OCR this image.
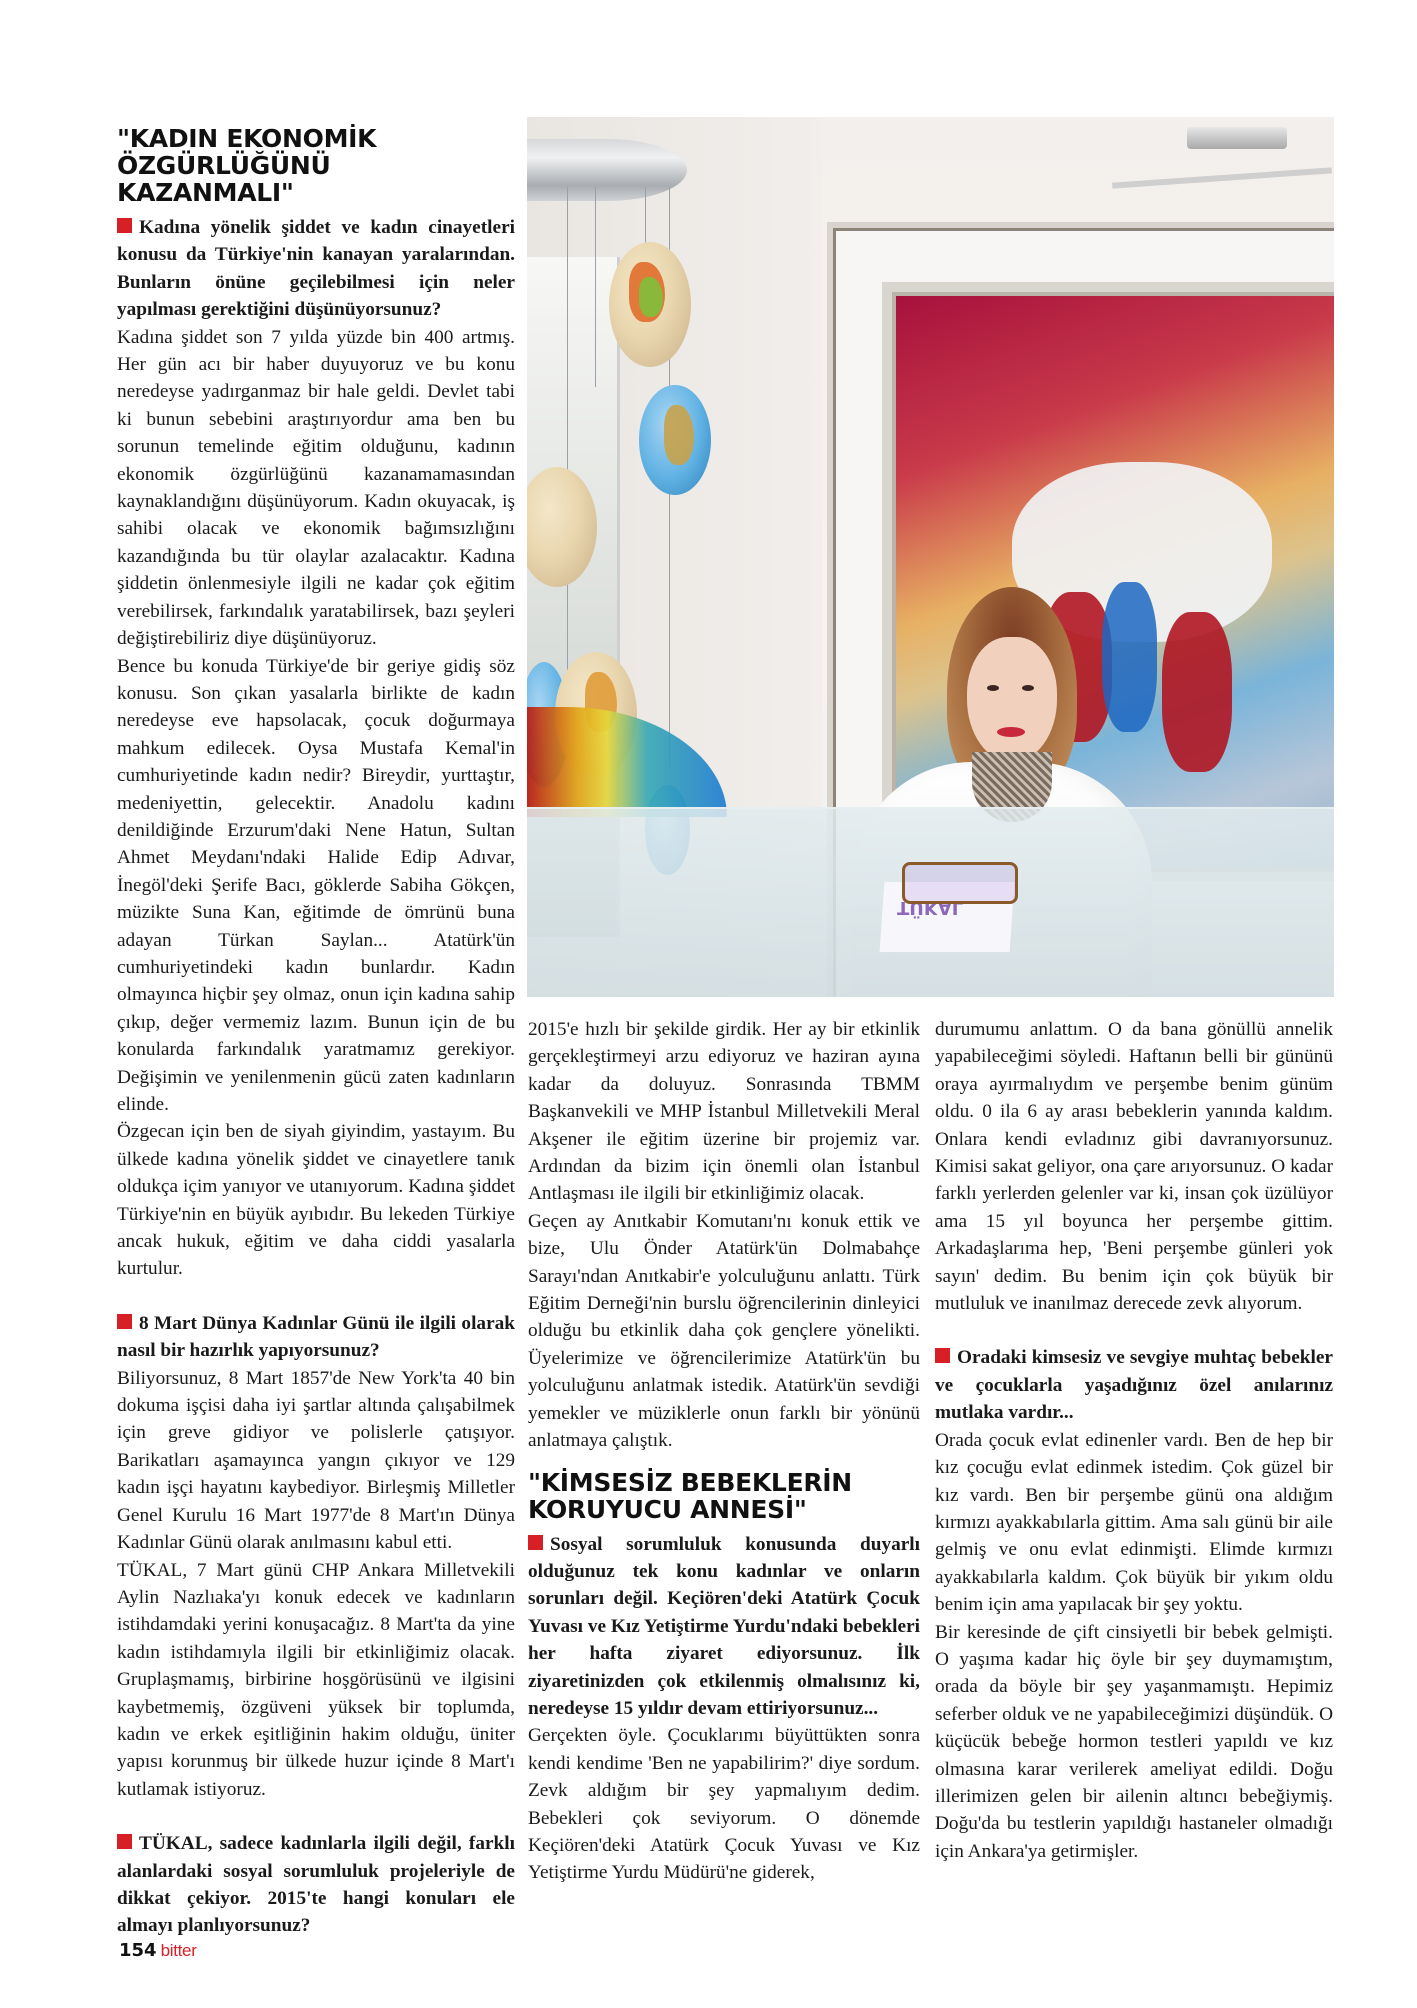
"KADIN EKONOMİK ÖZGÜRLÜĞÜNÜ KAZANMALI"

Kadına yönelik şiddet ve kadın cinayetleri konusu da Türkiye'nin kanayan yaralarından. Bunların önüne geçilebilmesi için neler yapılması gerektiğini düşünüyorsunuz?

Kadına şiddet son 7 yılda yüzde bin 400 artmış. Her gün acı bir haber duyuyoruz ve bu konu neredeyse yadırganmaz bir hale geldi. Devlet tabi ki bunun sebebini araştırıyordur ama ben bu sorunun temelinde eğitim olduğunu, kadının ekonomik özgürlüğünü kazanamamasından kaynaklandığını düşünüyorum. Kadın okuyacak, iş sahibi olacak ve ekonomik bağımsızlığını kazandığında bu tür olaylar azalacaktır. Kadına şiddetin önlenmesiyle ilgili ne kadar çok eğitim verebilirsek, farkındalık yaratabilirsek, bazı şeyleri değiştirebiliriz diye düşünüyoruz.

Bence bu konuda Türkiye'de bir geriye gidiş söz konusu. Son çıkan yasalarla birlikte de kadın neredeyse eve hapsolacak, çocuk doğurmaya mahkum edilecek. Oysa Mustafa Kemal'in cumhuriyetinde kadın nedir? Bireydir, yurttaştır, medeniyettin, gelecektir. Anadolu kadını denildiğinde Erzurum'daki Nene Hatun, Sultan Ahmet Meydanı'ndaki Halide Edip Adıvar, İnegöl'deki Şerife Bacı, göklerde Sabiha Gökçen, müzikte Suna Kan, eğitimde de ömrünü buna adayan Türkan Saylan... Atatürk'ün cumhuriyetindeki kadın bunlardır. Kadın olmayınca hiçbir şey olmaz, onun için kadına sahip çıkıp, değer vermemiz lazım. Bunun için de bu konularda farkındalık yaratmamız gerekiyor. Değişimin ve yenilenmenin gücü zaten kadınların elinde.

Özgecan için ben de siyah giyindim, yastayım. Bu ülkede kadına yönelik şiddet ve cinayetlere tanık oldukça içim yanıyor ve utanıyorum. Kadına şiddet Türkiye'nin en büyük ayıbıdır. Bu lekeden Türkiye ancak hukuk, eğitim ve daha ciddi yasalarla kurtulur.

8 Mart Dünya Kadınlar Günü ile ilgili olarak nasıl bir hazırlık yapıyorsunuz?

Biliyorsunuz, 8 Mart 1857'de New York'ta 40 bin dokuma işçisi daha iyi şartlar altında çalışabilmek için greve gidiyor ve polislerle çatışıyor. Barikatları aşamayınca yangın çıkıyor ve 129 kadın işçi hayatını kaybediyor. Birleşmiş Milletler Genel Kurulu 16 Mart 1977'de 8 Mart'ın Dünya Kadınlar Günü olarak anılmasını kabul etti.

TÜKAL, 7 Mart günü CHP Ankara Milletvekili Aylin Nazlıaka'yı konuk edecek ve kadınların istihdamdaki yerini konuşacağız. 8 Mart'ta da yine kadın istihdamıyla ilgili bir etkinliğimiz olacak. Gruplaşmamış, birbirine hoşgörüsünü ve ilgisini kaybetmemiş, özgüveni yüksek bir toplumda, kadın ve erkek eşitliğinin hakim olduğu, üniter yapısı korunmuş bir ülkede huzur içinde 8 Mart'ı kutlamak istiyoruz.

TÜKAL, sadece kadınlarla ilgili değil, farklı alanlardaki sosyal sorumluluk projeleriyle de dikkat çekiyor. 2015'te hangi konuları ele almayı planlıyorsunuz?

TÜKAL

2015'e hızlı bir şekilde girdik. Her ay bir etkinlik gerçekleştirmeyi arzu ediyoruz ve haziran ayına kadar da doluyuz. Sonrasında TBMM Başkanvekili ve MHP İstanbul Milletvekili Meral Akşener ile eğitim üzerine bir projemiz var. Ardından da bizim için önemli olan İstanbul Antlaşması ile ilgili bir etkinliğimiz olacak.

Geçen ay Anıtkabir Komutanı'nı konuk ettik ve bize, Ulu Önder Atatürk'ün Dolmabahçe Sarayı'ndan Anıtkabir'e yolculuğunu anlattı. Türk Eğitim Derneği'nin burslu öğrencilerinin dinleyici olduğu bu etkinlik daha çok gençlere yönelikti. Üyelerimize ve öğrencilerimize Atatürk'ün bu yolculuğunu anlatmak istedik. Atatürk'ün sevdiği yemekler ve müziklerle onun farklı bir yönünü anlatmaya çalıştık.

"KİMSESİZ BEBEKLERİN KORUYUCU ANNESİ"

Sosyal sorumluluk konusunda duyarlı olduğunuz tek konu kadınlar ve onların sorunları değil. Keçiören'deki Atatürk Çocuk Yuvası ve Kız Yetiştirme Yurdu'ndaki bebekleri her hafta ziyaret ediyorsunuz. İlk ziyaretinizden çok etkilenmiş olmalısınız ki, neredeyse 15 yıldır devam ettiriyorsunuz...

Gerçekten öyle. Çocuklarımı büyüttükten sonra kendi kendime 'Ben ne yapabilirim?' diye sordum. Zevk aldığım bir şey yapmalıyım dedim. Bebekleri çok seviyorum. O dönemde Keçiören'deki Atatürk Çocuk Yuvası ve Kız Yetiştirme Yurdu Müdürü'ne giderek,

durumumu anlattım. O da bana gönüllü annelik yapabileceğimi söyledi. Haftanın belli bir gününü oraya ayırmalıydım ve perşembe benim günüm oldu. 0 ila 6 ay arası bebeklerin yanında kaldım. Onlara kendi evladınız gibi davranıyorsunuz. Kimisi sakat geliyor, ona çare arıyorsunuz. O kadar farklı yerlerden gelenler var ki, insan çok üzülüyor ama 15 yıl boyunca her perşembe gittim. Arkadaşlarıma hep, 'Beni perşembe günleri yok sayın' dedim. Bu benim için çok büyük bir mutluluk ve inanılmaz derecede zevk alıyorum.

Oradaki kimsesiz ve sevgiye muhtaç bebekler ve çocuklarla yaşadığınız özel anılarınız mutlaka vardır...

Orada çocuk evlat edinenler vardı. Ben de hep bir kız çocuğu evlat edinmek istedim. Çok güzel bir kız vardı. Ben bir perşembe günü ona aldığım kırmızı ayakkabılarla gittim. Ama salı günü bir aile gelmiş ve onu evlat edinmişti. Elimde kırmızı ayakkabılarla kaldım. Çok büyük bir yıkım oldu benim için ama yapılacak bir şey yoktu.

Bir keresinde de çift cinsiyetli bir bebek gelmişti. O yaşıma kadar hiç öyle bir şey duymamıştım, orada da böyle bir şey yaşanmamıştı. Hepimiz seferber olduk ve ne yapabileceğimizi düşündük. O küçücük bebeğe hormon testleri yapıldı ve kız olmasına karar verilerek ameliyat edildi. Doğu illerimizen gelen bir ailenin altıncı bebeğiymiş. Doğu'da bu testlerin yapıldığı hastaneler olmadığı için Ankara'ya getirmişler.

154 bitter
